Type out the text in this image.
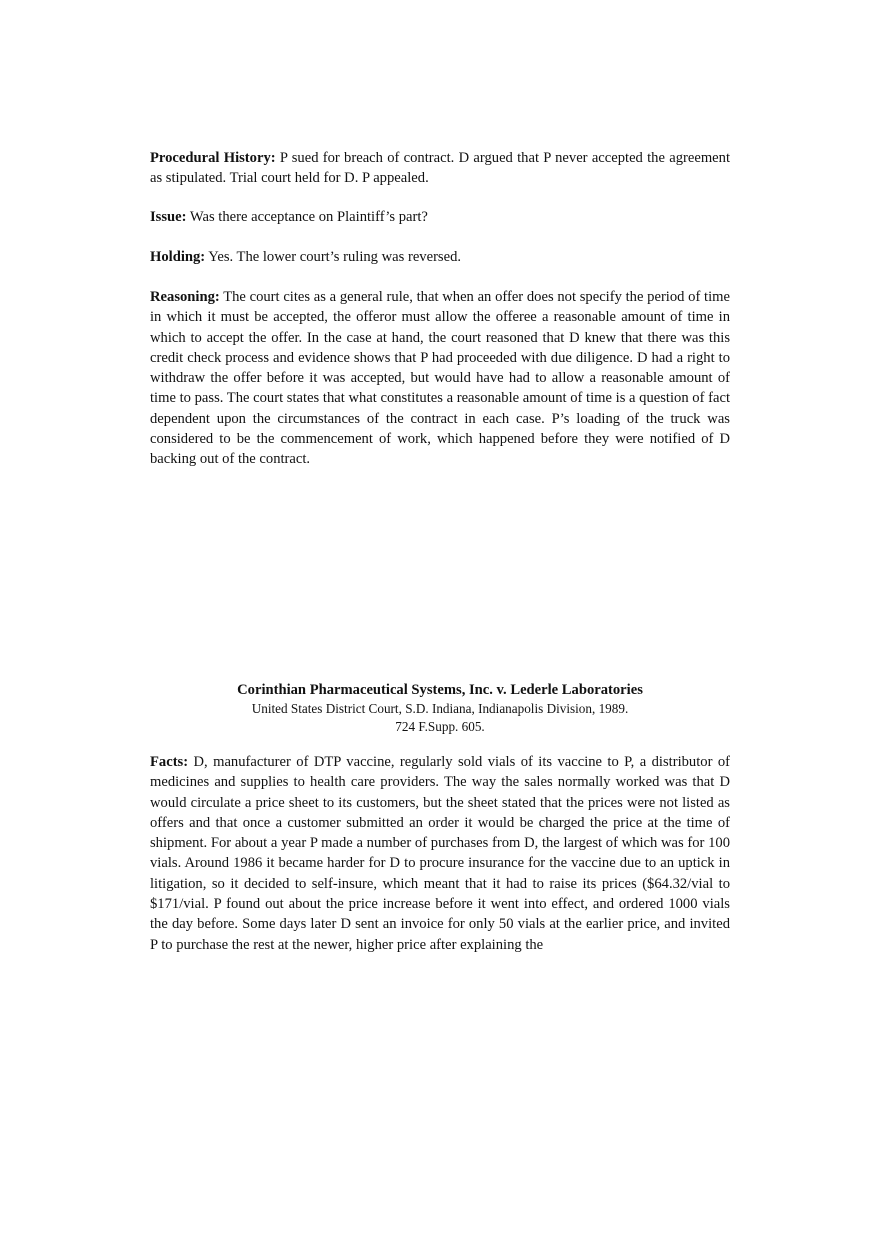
Procedural History: P sued for breach of contract. D argued that P never accepted the agreement as stipulated. Trial court held for D. P appealed.

Issue: Was there acceptance on Plaintiff’s part?

Holding: Yes. The lower court’s ruling was reversed.

Reasoning: The court cites as a general rule, that when an offer does not specify the period of time in which it must be accepted, the offeror must allow the offeree a reasonable amount of time in which to accept the offer. In the case at hand, the court reasoned that D knew that there was this credit check process and evidence shows that P had proceeded with due diligence. D had a right to withdraw the offer before it was accepted, but would have had to allow a reasonable amount of time to pass. The court states that what constitutes a reasonable amount of time is a question of fact dependent upon the circumstances of the contract in each case. P’s loading of the truck was considered to be the commencement of work, which happened before they were notified of D backing out of the contract.

Corinthian Pharmaceutical Systems, Inc. v. Lederle Laboratories
United States District Court, S.D. Indiana, Indianapolis Division, 1989.
724 F.Supp. 605.

Facts: D, manufacturer of DTP vaccine, regularly sold vials of its vaccine to P, a distributor of medicines and supplies to health care providers. The way the sales normally worked was that D would circulate a price sheet to its customers, but the sheet stated that the prices were not listed as offers and that once a customer submitted an order it would be charged the price at the time of shipment. For about a year P made a number of purchases from D, the largest of which was for 100 vials. Around 1986 it became harder for D to procure insurance for the vaccine due to an uptick in litigation, so it decided to self-insure, which meant that it had to raise its prices ($64.32/vial to $171/vial. P found out about the price increase before it went into effect, and ordered 1000 vials the day before. Some days later D sent an invoice for only 50 vials at the earlier price, and invited P to purchase the rest at the newer, higher price after explaining the
